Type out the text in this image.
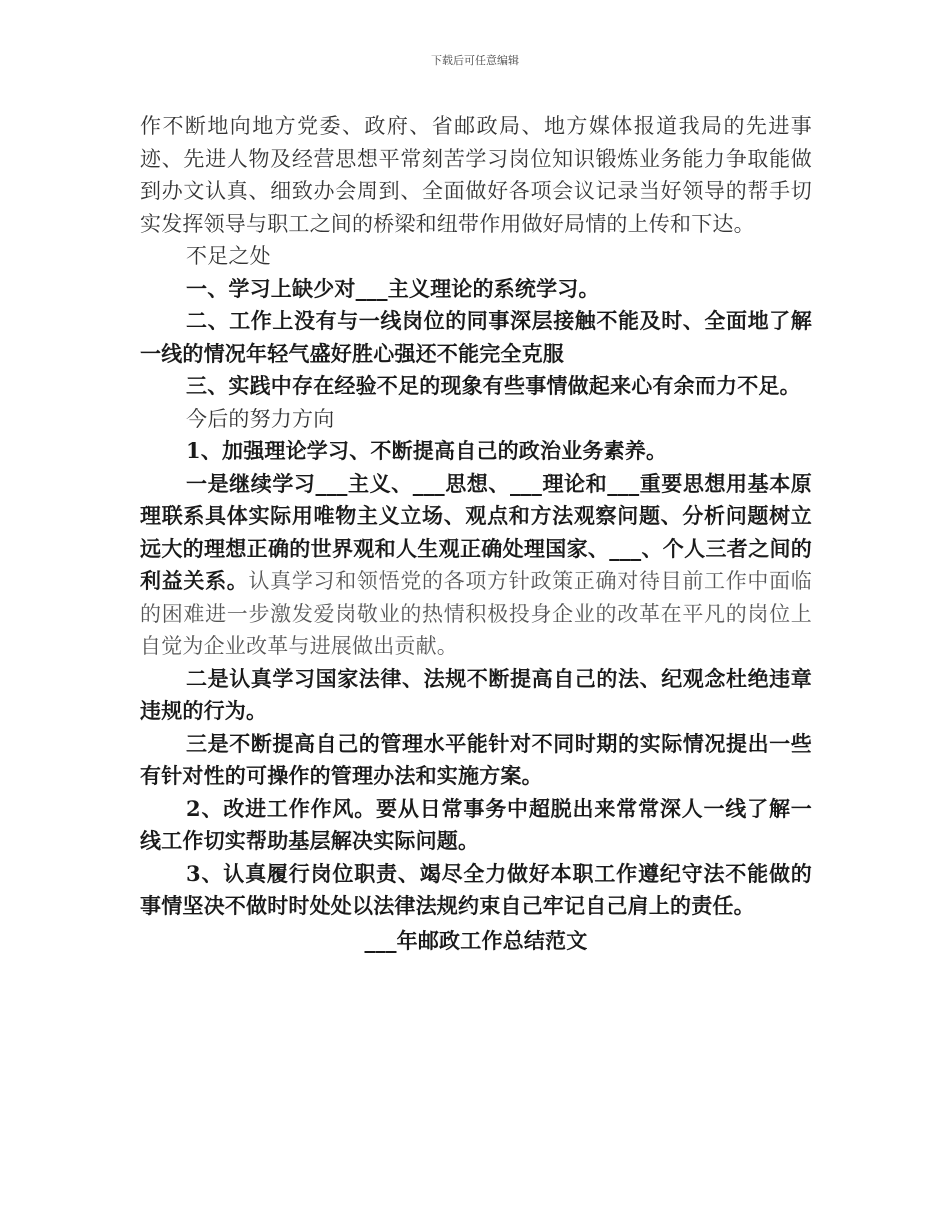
下载后可任意编辑

作不断地向地方党委、政府、省邮政局、地方媒体报道我局的先进事迹、先进人物及经营思想平常刻苦学习岗位知识锻炼业务能力争取能做到办文认真、细致办会周到、全面做好各项会议记录当好领导的帮手切实发挥领导与职工之间的桥梁和纽带作用做好局情的上传和下达。

不足之处

一、学习上缺少对___主义理论的系统学习。

二、工作上没有与一线岗位的同事深层接触不能及时、全面地了解一线的情况年轻气盛好胜心强还不能完全克服

三、实践中存在经验不足的现象有些事情做起来心有余而力不足。

今后的努力方向

1、加强理论学习、不断提高自己的政治业务素养。

一是继续学习___主义、___思想、___理论和___重要思想用基本原理联系具体实际用唯物主义立场、观点和方法观察问题、分析问题树立远大的理想正确的世界观和人生观正确处理国家、___、个人三者之间的利益关系。认真学习和领悟党的各项方针政策正确对待目前工作中面临的困难进一步激发爱岗敬业的热情积极投身企业的改革在平凡的岗位上自觉为企业改革与进展做出贡献。

二是认真学习国家法律、法规不断提高自己的法、纪观念杜绝违章违规的行为。

三是不断提高自己的管理水平能针对不同时期的实际情况提出一些有针对性的可操作的管理办法和实施方案。

2、改进工作作风。要从日常事务中超脱出来常常深人一线了解一线工作切实帮助基层解决实际问题。

3、认真履行岗位职责、竭尽全力做好本职工作遵纪守法不能做的事情坚决不做时时处处以法律法规约束自己牢记自己肩上的责任。

___年邮政工作总结范文
